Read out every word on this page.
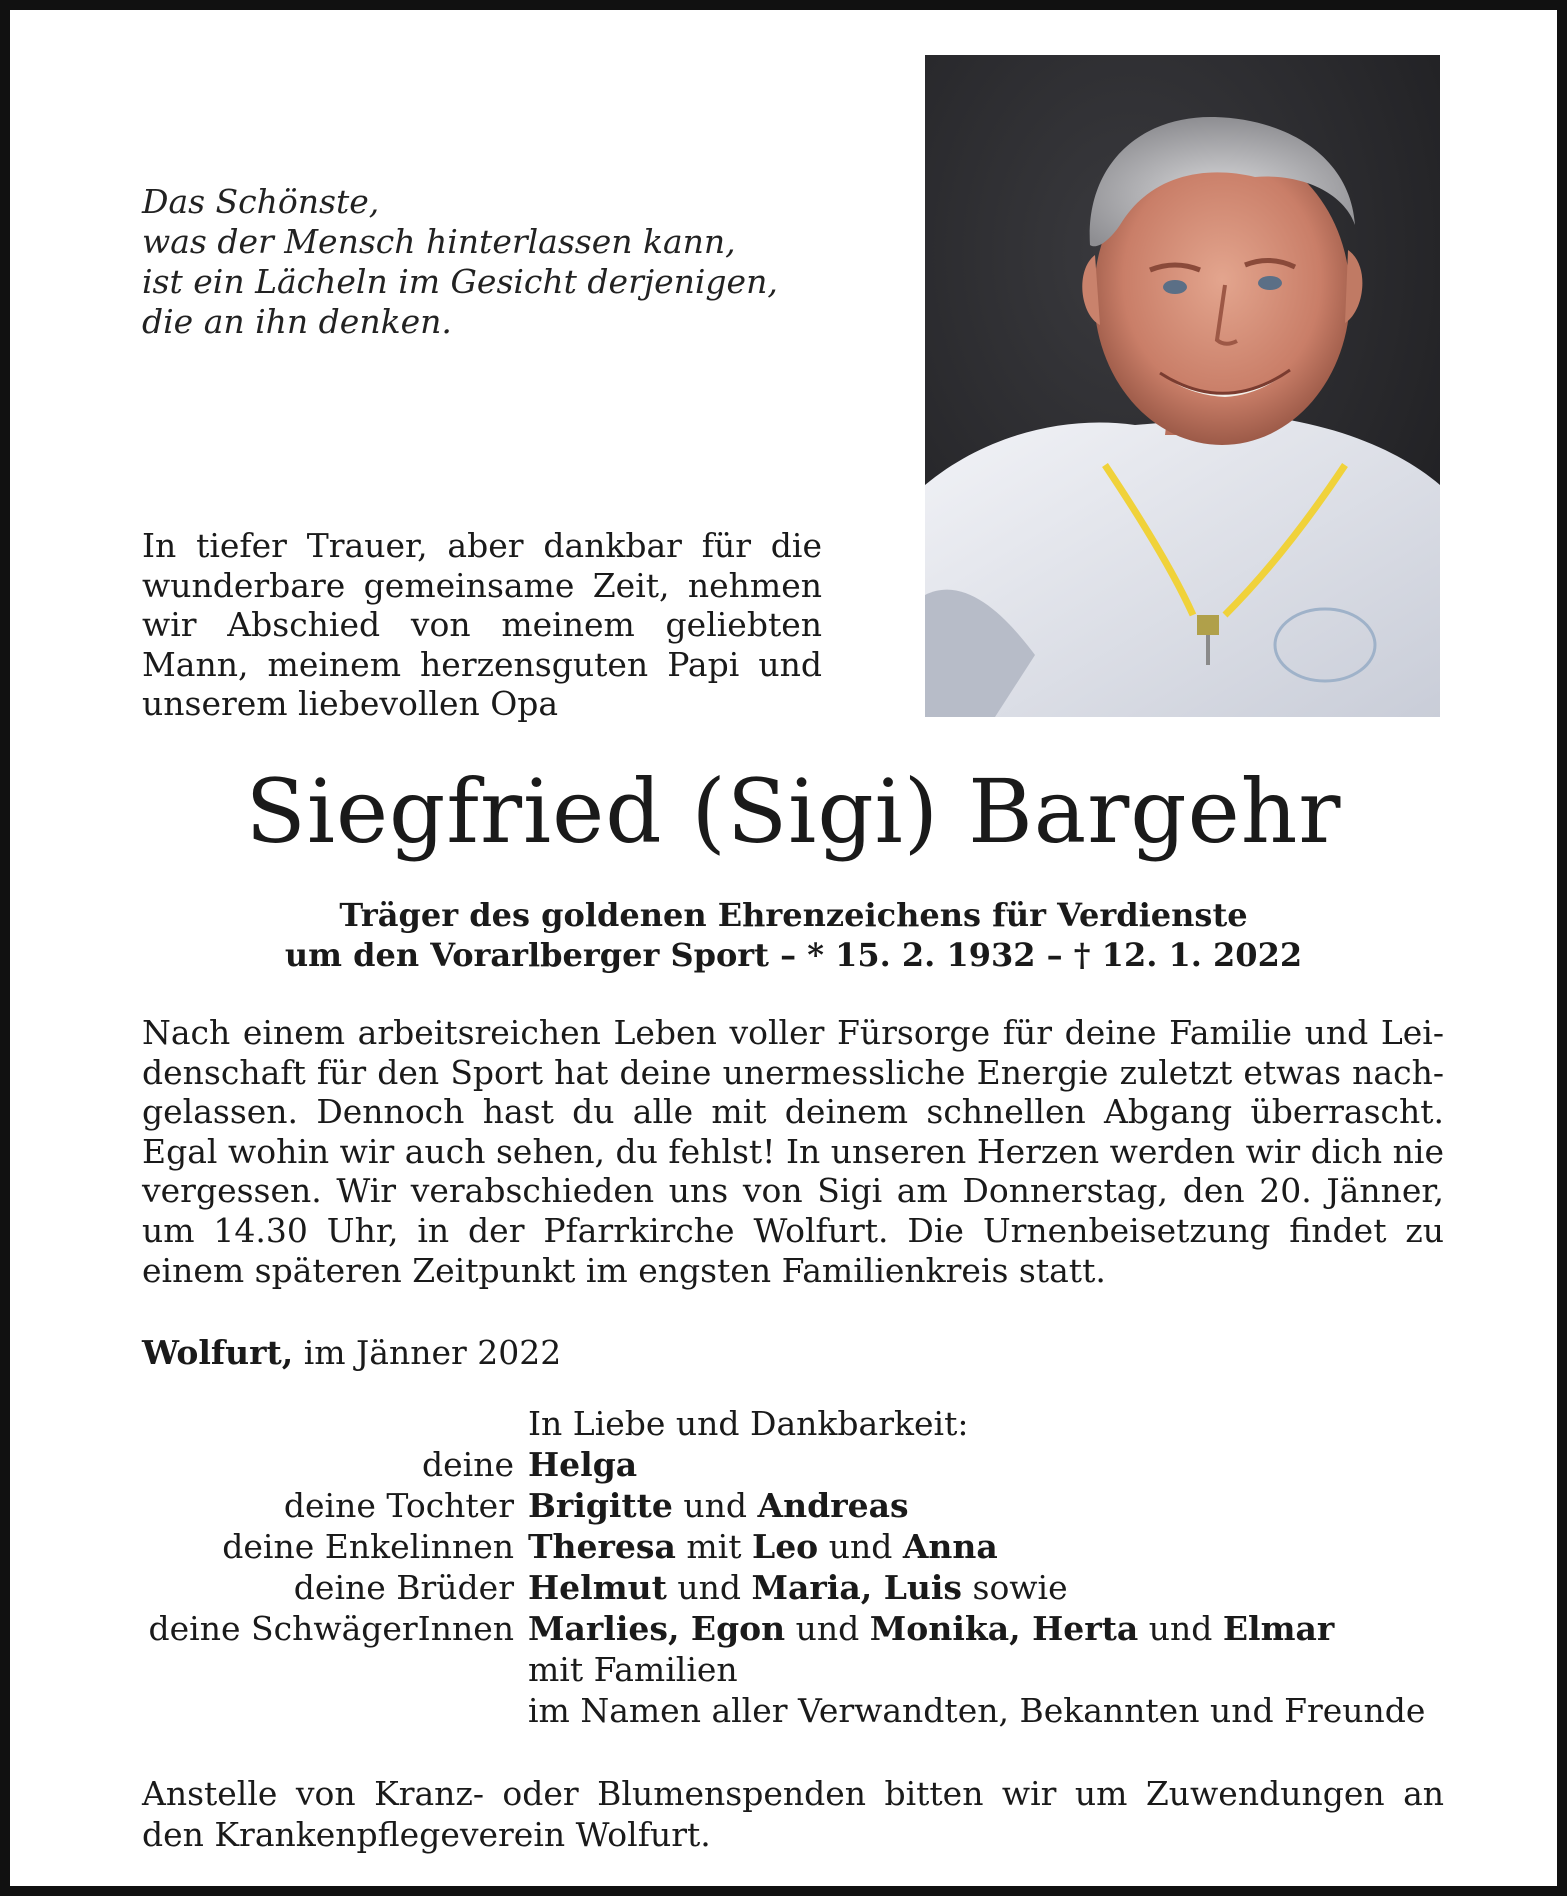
Das Schönste,
was der Mensch hinterlassen kann,
ist ein Lächeln im Gesicht derjenigen,
die an ihn denken.
In tiefer Trauer, aber dankbar für die
wunderbare gemeinsame Zeit, nehmen
wir Abschied von meinem geliebten
Mann, meinem herzensguten Papi und
unserem liebevollen Opa
Siegfried (Sigi) Bargehr
Träger des goldenen Ehrenzeichens für Verdienste
um den Vorarlberger Sport – * 15. 2. 1932 – † 12. 1. 2022
Nach einem arbeitsreichen Leben voller Fürsorge für deine Familie und Lei-
denschaft für den Sport hat deine unermessliche Energie zuletzt etwas nach-
gelassen. Dennoch hast du alle mit deinem schnellen Abgang überrascht.
Egal wohin wir auch sehen, du fehlst! In unseren Herzen werden wir dich nie
vergessen. Wir verabschieden uns von Sigi am Donnerstag, den 20. Jänner,
um 14.30 Uhr, in der Pfarrkirche Wolfurt. Die Urnenbeisetzung findet zu
einem späteren Zeitpunkt im engsten Familienkreis statt.
Wolfurt, im Jänner 2022
In Liebe und Dankbarkeit:
deine Helga
deine Tochter Brigitte und Andreas
deine Enkelinnen Theresa mit Leo und Anna
deine Brüder Helmut und Maria, Luis sowie
deine SchwägerInnen Marlies, Egon und Monika, Herta und Elmar
mit Familien
im Namen aller Verwandten, Bekannten und Freunde
Anstelle von Kranz- oder Blumenspenden bitten wir um Zuwendungen an
den Krankenpflegeverein Wolfurt.
